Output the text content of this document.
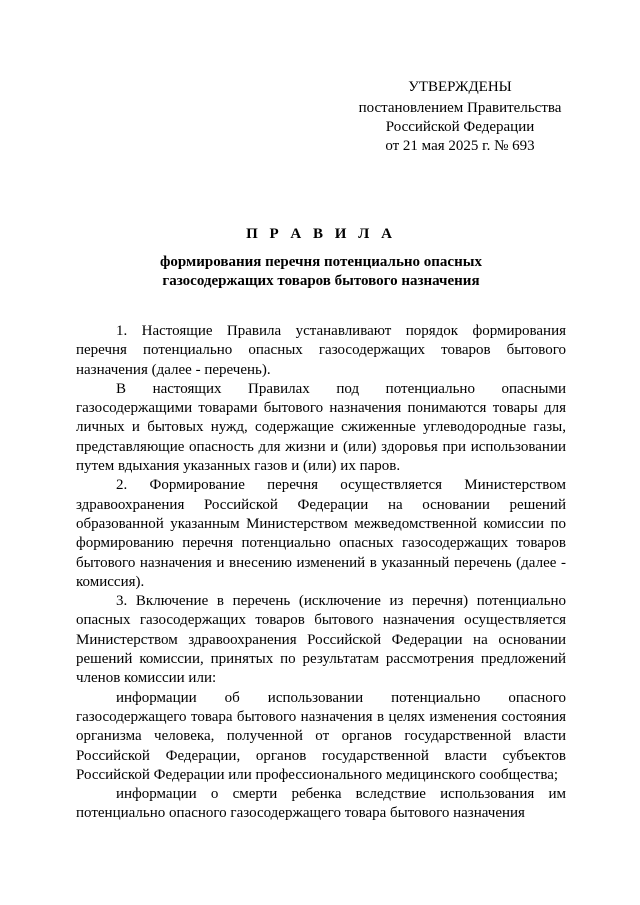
УТВЕРЖДЕНЫ
постановлением Правительства
Российской Федерации
от 21 мая 2025 г. № 693
П Р А В И Л А
формирования перечня потенциально опасных
газосодержащих товаров бытового назначения

1. Настоящие Правила устанавливают порядок формирования перечня потенциально опасных газосодержащих товаров бытового назначения (далее - перечень).

В настоящих Правилах под потенциально опасными газосодержащими товарами бытового назначения понимаются товары для личных и бытовых нужд, содержащие сжиженные углеводородные газы, представляющие опасность для жизни и (или) здоровья при использовании путем вдыхания указанных газов и (или) их паров.

2. Формирование перечня осуществляется Министерством здравоохранения Российской Федерации на основании решений образованной указанным Министерством межведомственной комиссии по формированию перечня потенциально опасных газосодержащих товаров бытового назначения и внесению изменений в указанный перечень (далее - комиссия).

3. Включение в перечень (исключение из перечня) потенциально опасных газосодержащих товаров бытового назначения осуществляется Министерством здравоохранения Российской Федерации на основании решений комиссии, принятых по результатам рассмотрения предложений членов комиссии или:

информации об использовании потенциально опасного газосодержащего товара бытового назначения в целях изменения состояния организма человека, полученной от органов государственной власти Российской Федерации, органов государственной власти субъектов Российской Федерации или профессионального медицинского сообщества;

информации о смерти ребенка вследствие использования им потенциально опасного газосодержащего товара бытового назначения
